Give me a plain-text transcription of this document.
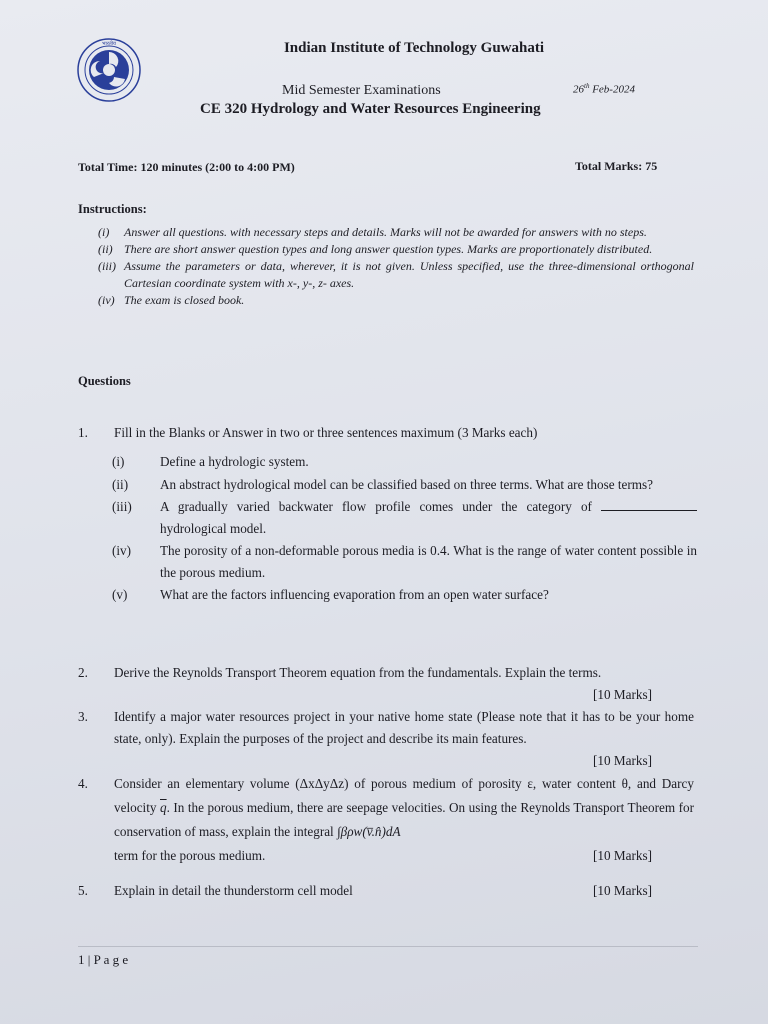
भारतीय	Indian Institute of Technology Guwahati
Mid Semester Examinations	26th Feb-2024
CE 320 Hydrology and Water Resources Engineering
Total Time: 120 minutes (2:00 to 4:00 PM)	Total Marks: 75
Instructions:
(i)	Answer all questions. with necessary steps and details. Marks will not be awarded for answers with no steps.
(ii) There are short answer question types and long answer question types. Marks are proportionately distributed.
(iii) Assume the parameters or data, wherever, it is not given. Unless specified, use the three-dimensional orthogonal Cartesian coordinate system with x-, y-, z- axes.
(iv) The exam is closed book.
Questions
1. Fill in the Blanks or Answer in two or three sentences maximum (3 Marks each)
(i)	Define a hydrologic system.
(ii)	An abstract hydrological model can be classified based on three terms. What are those terms?
(iii)	A gradually varied backwater flow profile comes under the category of  hydrological model.
(iv)	The porosity of a non-deformable porous media is 0.4. What is the range of water content possible in the porous medium.
(v)	What are the factors influencing evaporation from an open water surface?
2. Derive the Reynolds Transport Theorem equation from the fundamentals. Explain the terms.
[10 Marks]
3. Identify a major water resources project in your native home state (Please note that it has to be your home state, only). Explain the purposes of the project and describe its main features.
[10 Marks]
4. Consider an elementary volume (ΔxΔyΔz) of porous medium of porosity ε, water content θ, and Darcy velocity $\overline{q}$. In the porous medium, there are seepage velocities. On using the Reynolds Transport Theorem for conservation of mass, explain the integral ∫βρw(v̅.n̂)dA
term for the porous medium.	[10 Marks]
5. Explain in detail the thunderstorm cell model	[10 Marks]
1 | P a g e
